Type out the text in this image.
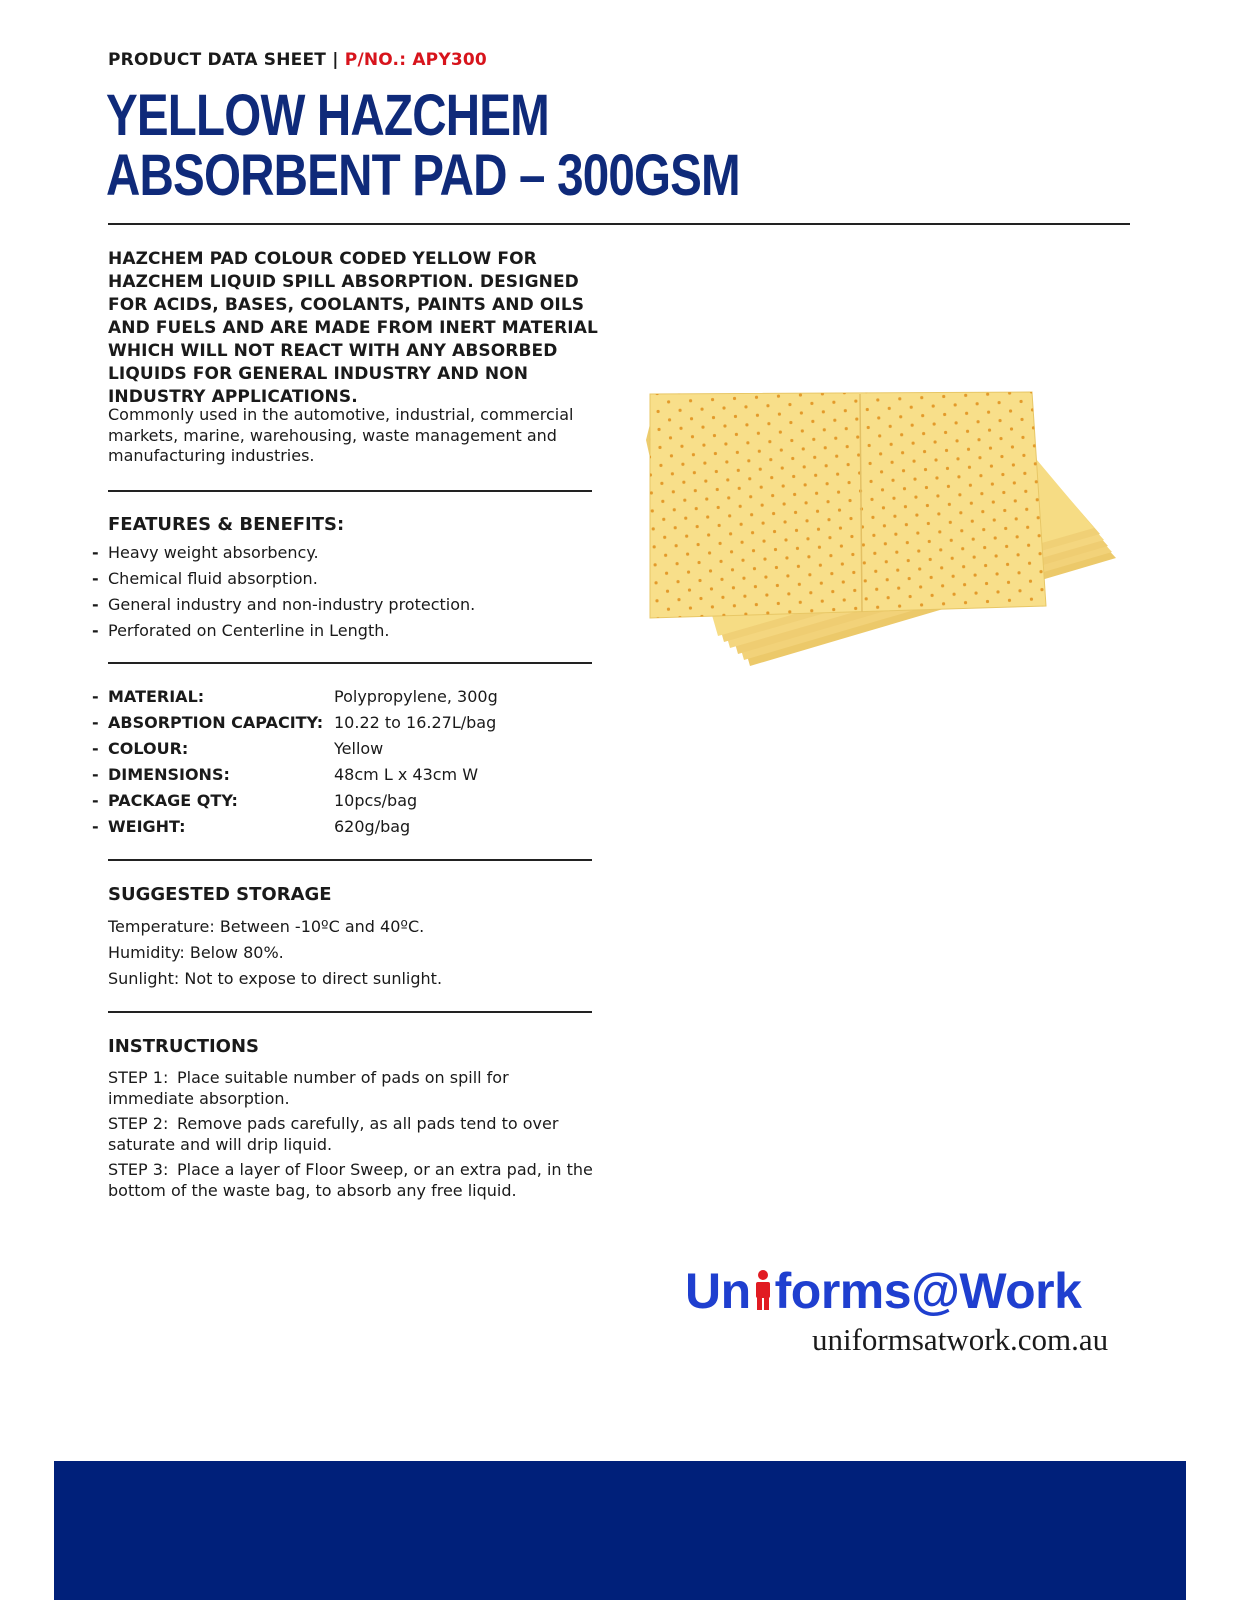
PRODUCT DATA SHEET | P/NO.: APY300
YELLOW HAZCHEM
ABSORBENT PAD – 300GSM
HAZCHEM PAD COLOUR CODED YELLOW FOR HAZCHEM LIQUID SPILL ABSORPTION. DESIGNED FOR ACIDS, BASES, COOLANTS, PAINTS AND OILS AND FUELS AND ARE MADE FROM INERT MATERIAL WHICH WILL NOT REACT WITH ANY ABSORBED LIQUIDS FOR GENERAL INDUSTRY AND NON INDUSTRY APPLICATIONS.
Commonly used in the automotive, industrial, commercial markets, marine, warehousing, waste management and manufacturing industries.
FEATURES & BENEFITS:
- Heavy weight absorbency.
- Chemical fluid absorption.
- General industry and non-industry protection.
- Perforated on Centerline in Length.
- MATERIAL:	Polypropylene, 300g
- ABSORPTION CAPACITY: 10.22 to 16.27L/bag
- COLOUR:	Yellow
- DIMENSIONS:	48cm L x 43cm W
- PACKAGE QTY:	10pcs/bag
- WEIGHT:	620g/bag
SUGGESTED STORAGE
Temperature: Between -10ºC and 40ºC.
Humidity: Below 80%.
Sunlight: Not to expose to direct sunlight.
INSTRUCTIONS
STEP 1: Place suitable number of pads on spill for immediate absorption.
STEP 2: Remove pads carefully, as all pads tend to over saturate and will drip liquid.
STEP 3: Place a layer of Floor Sweep, or an extra pad, in the bottom of the waste bag, to absorb any free liquid.
Un forms@Work
uniformsatwork.com.au
